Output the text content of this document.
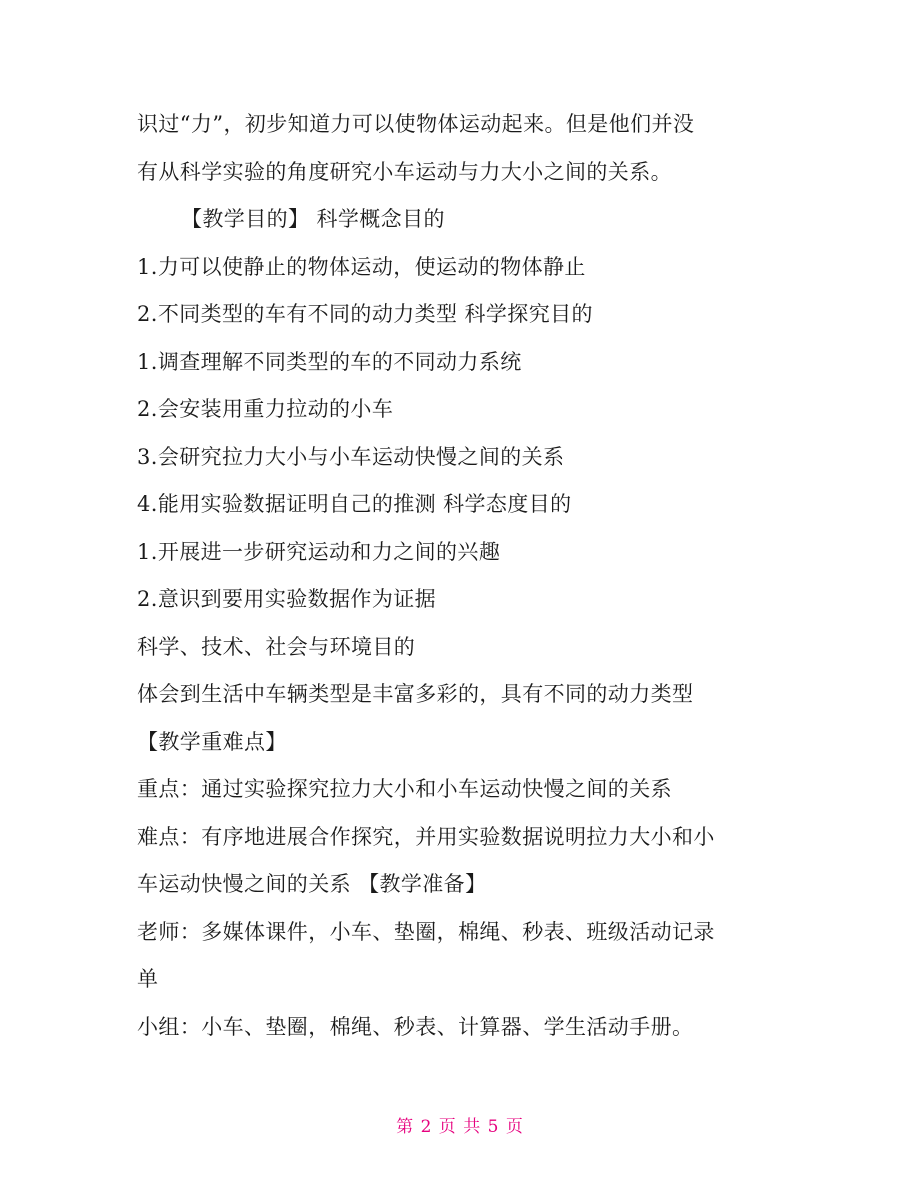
识过“力”，初步知道力可以使物体运动起来。但是他们并没
有从科学实验的角度研究小车运动与力大小之间的关系。
【教学目的】 科学概念目的
1.力可以使静止的物体运动，使运动的物体静止
2.不同类型的车有不同的动力类型 科学探究目的
1.调查理解不同类型的车的不同动力系统
2.会安装用重力拉动的小车
3.会研究拉力大小与小车运动快慢之间的关系
4.能用实验数据证明自己的推测 科学态度目的
1.开展进一步研究运动和力之间的兴趣
2.意识到要用实验数据作为证据
科学、技术、社会与环境目的
体会到生活中车辆类型是丰富多彩的，具有不同的动力类型
【教学重难点】
重点：通过实验探究拉力大小和小车运动快慢之间的关系
难点：有序地进展合作探究，并用实验数据说明拉力大小和小
车运动快慢之间的关系 【教学准备】
老师：多媒体课件，小车、垫圈，棉绳、秒表、班级活动记录
单
小组：小车、垫圈，棉绳、秒表、计算器、学生活动手册。
第 2 页 共 5 页
